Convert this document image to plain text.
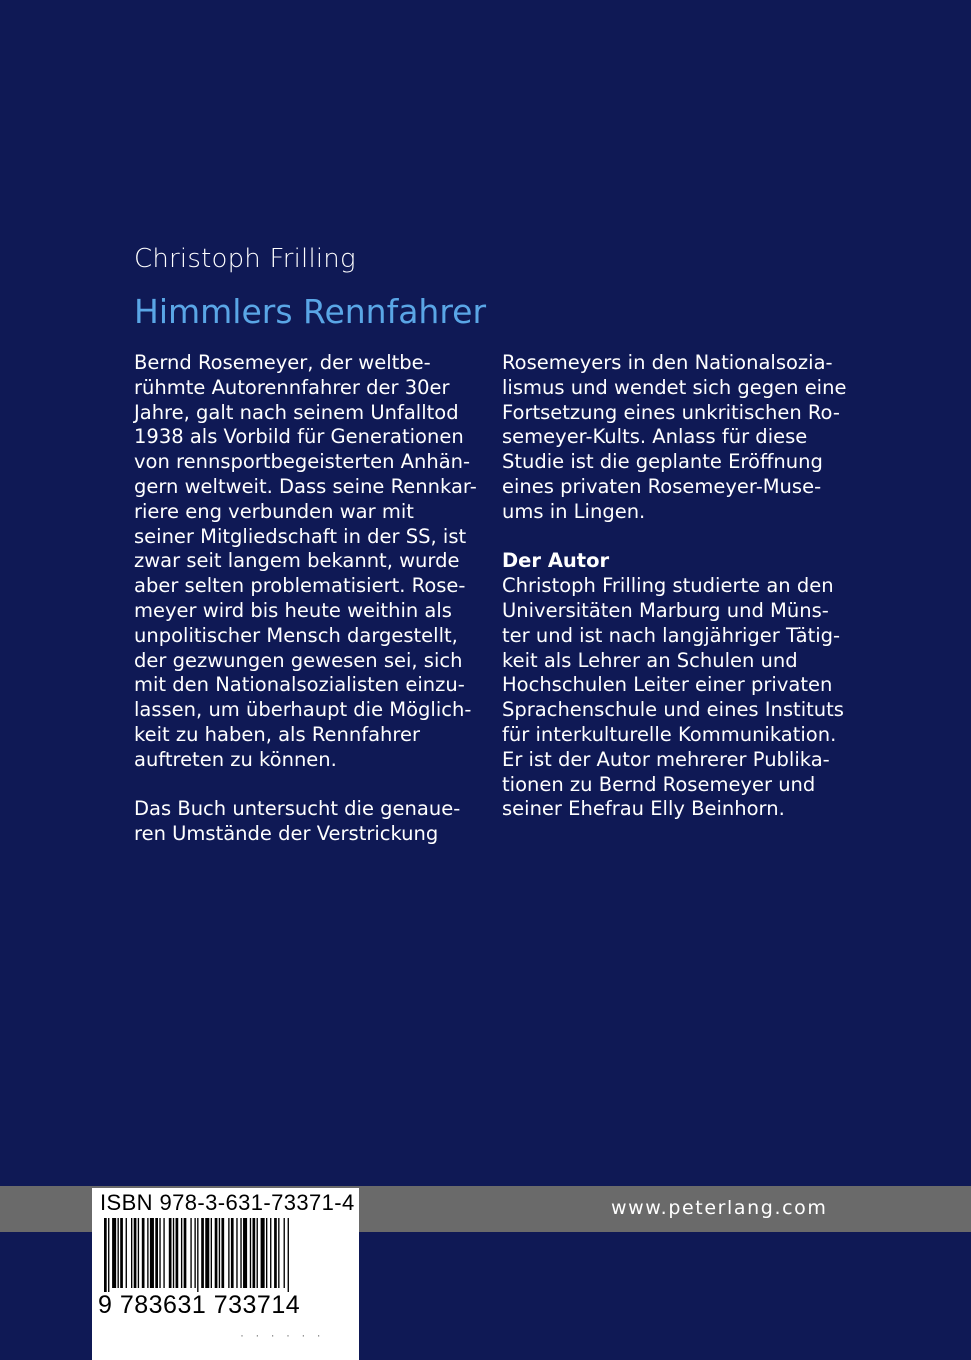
Christoph Frilling
Himmlers Rennfahrer
Bernd Rosemeyer, der weltbe-
rühmte Autorennfahrer der 30er
Jahre, galt nach seinem Unfalltod
1938 als Vorbild für Generationen
von rennsportbegeisterten Anhän-
gern weltweit. Dass seine Rennkar-
riere eng verbunden war mit
seiner Mitgliedschaft in der SS, ist
zwar seit langem bekannt, wurde
aber selten problematisiert. Rose-
meyer wird bis heute weithin als
unpolitischer Mensch dargestellt,
der gezwungen gewesen sei, sich
mit den Nationalsozialisten einzu-
lassen, um überhaupt die Möglich-
keit zu haben, als Rennfahrer
auftreten zu können.
Das Buch untersucht die genaue-
ren Umstände der Verstrickung
Rosemeyers in den Nationalsozia-
lismus und wendet sich gegen eine
Fortsetzung eines unkritischen Ro-
semeyer-Kults. Anlass für diese
Studie ist die geplante Eröffnung
eines privaten Rosemeyer-Muse-
ums in Lingen.
Der Autor
Christoph Frilling studierte an den
Universitäten Marburg und Müns-
ter und ist nach langjähriger Tätig-
keit als Lehrer an Schulen und
Hochschulen Leiter einer privaten
Sprachenschule und eines Instituts
für interkulturelle Kommunikation.
Er ist der Autor mehrerer Publika-
tionen zu Bernd Rosemeyer und
seiner Ehefrau Elly Beinhorn.
www.peterlang.com
ISBN 978-3-631-73371-4
9 783631 733714
· · · · · ·
